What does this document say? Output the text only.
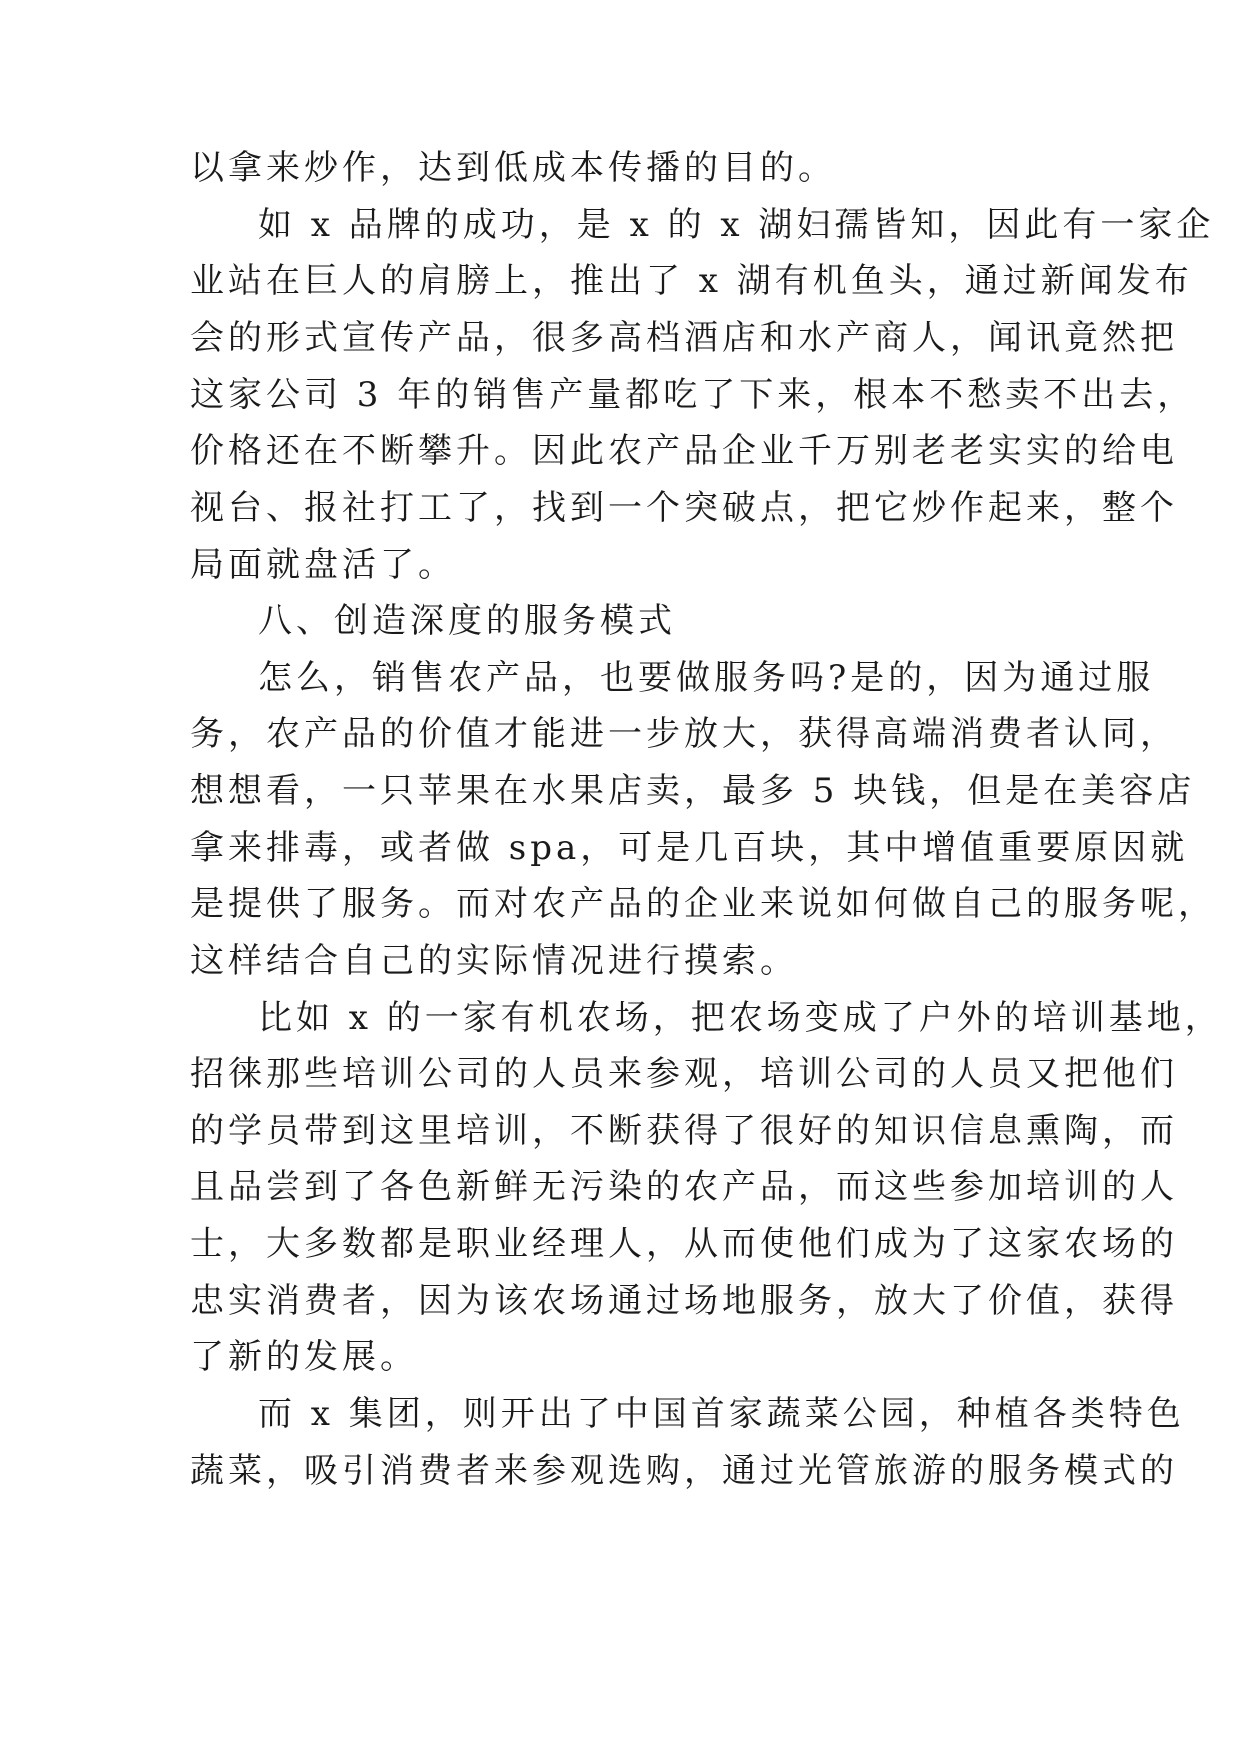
以拿来炒作，达到低成本传播的目的。
如 x 品牌的成功，是 x 的 x 湖妇孺皆知，因此有一家企
业站在巨人的肩膀上，推出了 x 湖有机鱼头，通过新闻发布
会的形式宣传产品，很多高档酒店和水产商人，闻讯竟然把
这家公司 3 年的销售产量都吃了下来，根本不愁卖不出去，
价格还在不断攀升。因此农产品企业千万别老老实实的给电
视台、报社打工了，找到一个突破点，把它炒作起来，整个
局面就盘活了。
八、创造深度的服务模式
怎么，销售农产品，也要做服务吗?是的，因为通过服
务，农产品的价值才能进一步放大，获得高端消费者认同，
想想看，一只苹果在水果店卖，最多 5 块钱，但是在美容店
拿来排毒，或者做 spa，可是几百块，其中增值重要原因就
是提供了服务。而对农产品的企业来说如何做自己的服务呢，
这样结合自己的实际情况进行摸索。
比如 x 的一家有机农场，把农场变成了户外的培训基地，
招徕那些培训公司的人员来参观，培训公司的人员又把他们
的学员带到这里培训，不断获得了很好的知识信息熏陶，而
且品尝到了各色新鲜无污染的农产品，而这些参加培训的人
士，大多数都是职业经理人，从而使他们成为了这家农场的
忠实消费者，因为该农场通过场地服务，放大了价值，获得
了新的发展。
而 x 集团，则开出了中国首家蔬菜公园，种植各类特色
蔬菜，吸引消费者来参观选购，通过光管旅游的服务模式的
